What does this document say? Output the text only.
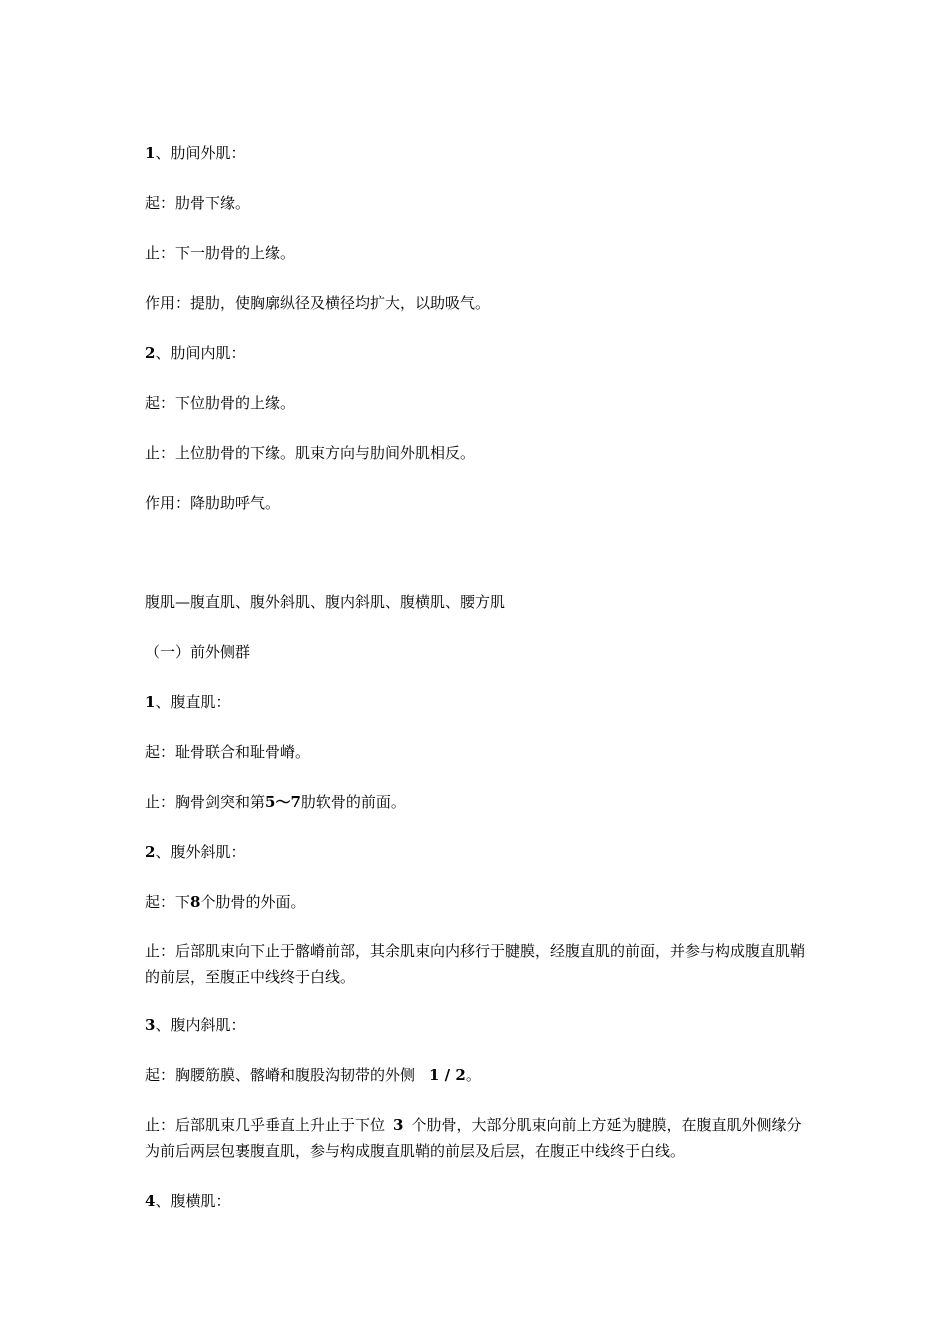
1、肋间外肌：

起：肋骨下缘。

止：下一肋骨的上缘。

作用：提肋，使胸廓纵径及横径均扩大，以助吸气。

2、肋间内肌：

起：下位肋骨的上缘。

止：上位肋骨的下缘。肌束方向与肋间外肌相反。

作用：降肋助呼气。

腹肌—腹直肌、腹外斜肌、腹内斜肌、腹横肌、腰方肌

（一）前外侧群

1、腹直肌：

起：耻骨联合和耻骨嵴。

止：胸骨剑突和第5～7肋软骨的前面。

2、腹外斜肌：

起：下8个肋骨的外面。

止：后部肌束向下止于髂嵴前部，其余肌束向内移行于腱膜，经腹直肌的前面，并参与构成腹直肌鞘的前层，至腹正中线终于白线。

3、腹内斜肌：

起：胸腰筋膜、髂嵴和腹股沟韧带的外侧 1 / 2。

止：后部肌束几乎垂直上升止于下位 3 个肋骨，大部分肌束向前上方延为腱膜，在腹直肌外侧缘分为前后两层包裹腹直肌，参与构成腹直肌鞘的前层及后层，在腹正中线终于白线。

4、腹横肌：
